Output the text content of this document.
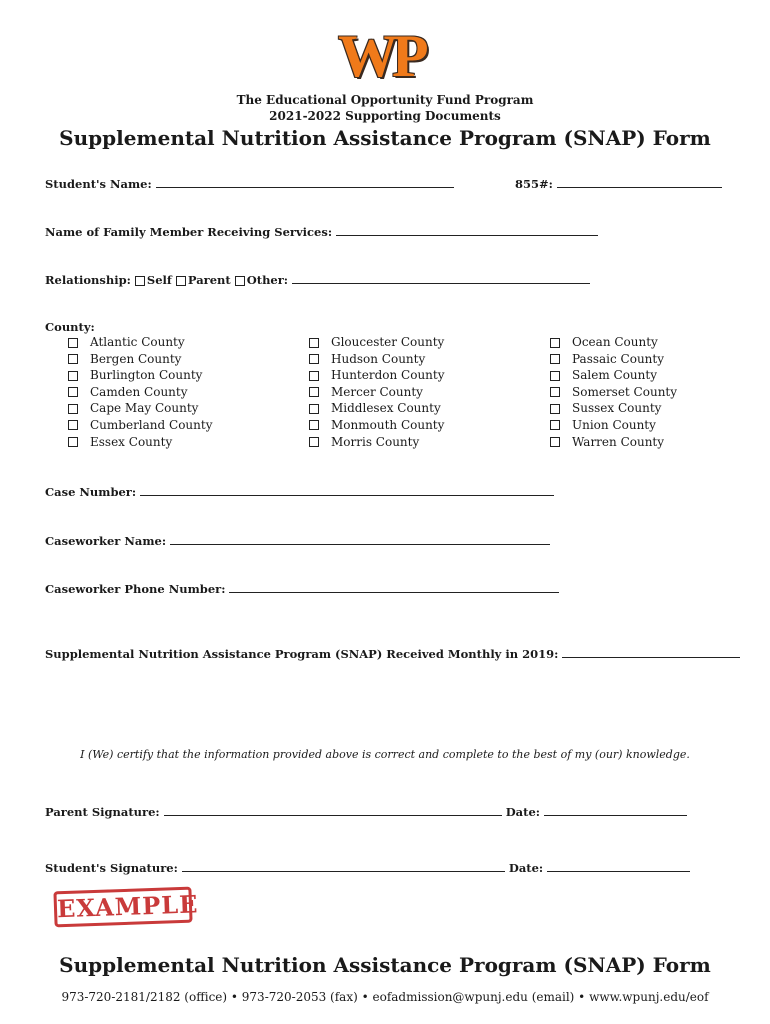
WP
The Educational Opportunity Fund Program
2021-2022 Supporting Documents
Supplemental Nutrition Assistance Program (SNAP) Form
Student's Name:	855#:
Name of Family Member Receiving Services:
Relationship: Self Parent Other:
County:
Atlantic County
Bergen County
Burlington County
Camden County
Cape May County
Cumberland County
Essex County
Gloucester County
Hudson County
Hunterdon County
Mercer County
Middlesex County
Monmouth County
Morris County
Ocean County
Passaic County
Salem County
Somerset County
Sussex County
Union County
Warren County
Case Number:
Caseworker Name:
Caseworker Phone Number:
Supplemental Nutrition Assistance Program (SNAP) Received Monthly in 2019:
I (We) certify that the information provided above is correct and complete to the best of my (our) knowledge.
Parent Signature:	Date:
Student's Signature:	Date:
EXAMPLE
Supplemental Nutrition Assistance Program (SNAP) Form
973-720-2181/2182 (office) • 973-720-2053 (fax) • eofadmission@wpunj.edu (email) • www.wpunj.edu/eof
